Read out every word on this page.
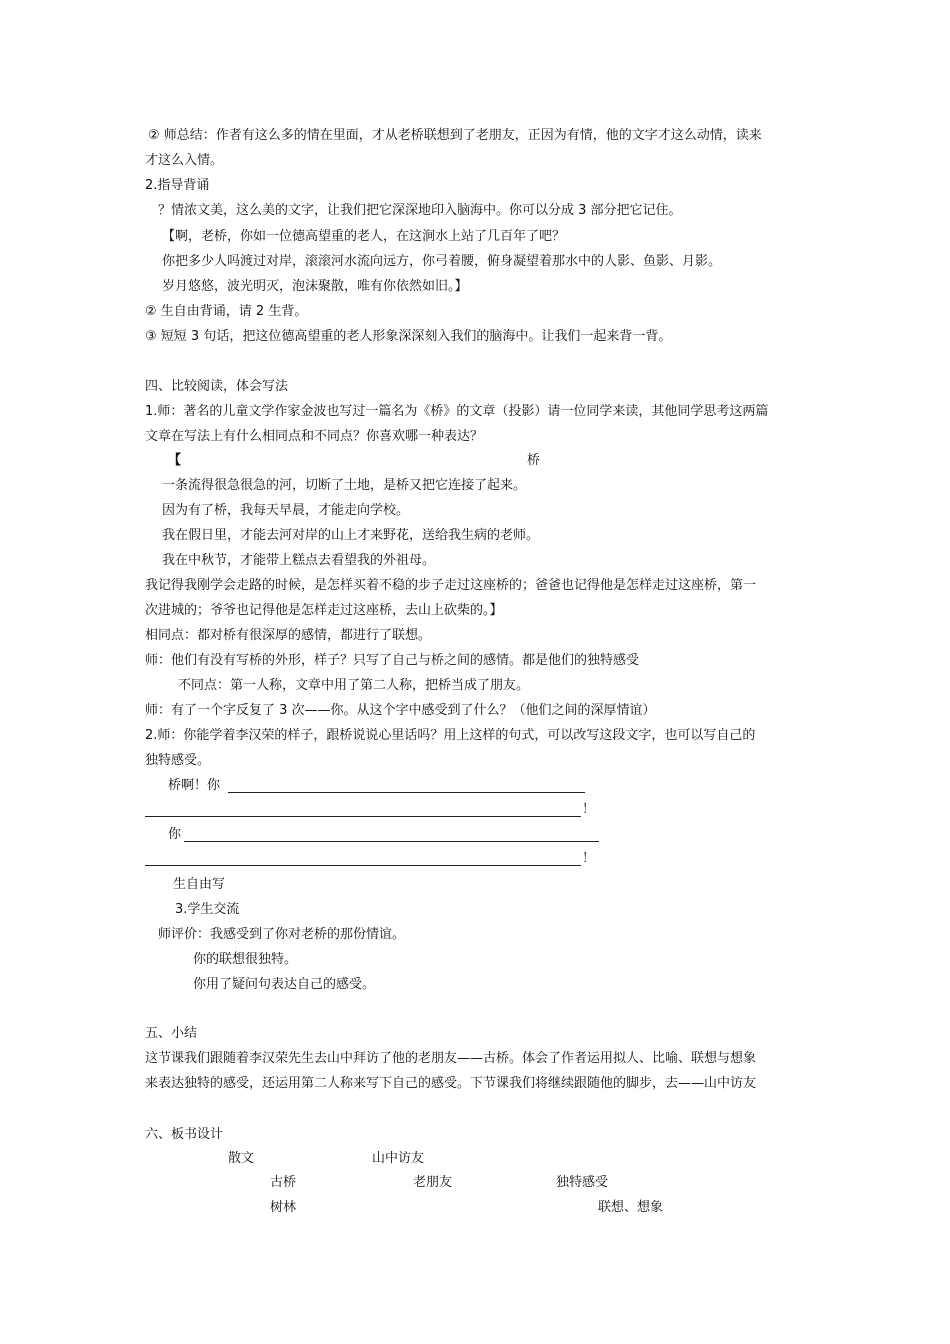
② 师总结：作者有这么多的情在里面，才从老桥联想到了老朋友，正因为有情，他的文字才这么动情，读来

才这么入情。

2.指导背诵

？情浓文美，这么美的文字，让我们把它深深地印入脑海中。你可以分成 3 部分把它记住。

【啊，老桥，你如一位德高望重的老人，在这涧水上站了几百年了吧？

你把多少人吗渡过对岸，滚滚河水流向远方，你弓着腰，俯身凝望着那水中的人影、鱼影、月影。

岁月悠悠，波光明灭，泡沫聚散，唯有你依然如旧。】

② 生自由背诵，请 2 生背。

③ 短短 3 句话，把这位德高望重的老人形象深深刻入我们的脑海中。让我们一起来背一背。

四、比较阅读，体会写法

1.师：著名的儿童文学作家金波也写过一篇名为《桥》的文章（投影）请一位同学来读，其他同学思考这两篇

文章在写法上有什么相同点和不同点？你喜欢哪一种表达？

【	桥

一条流得很急很急的河，切断了土地，是桥又把它连接了起来。

因为有了桥，我每天早晨，才能走向学校。

我在假日里，才能去河对岸的山上才来野花，送给我生病的老师。

我在中秋节，才能带上糕点去看望我的外祖母。

我记得我刚学会走路的时候，是怎样买着不稳的步子走过这座桥的；爸爸也记得他是怎样走过这座桥，第一

次进城的；爷爷也记得他是怎样走过这座桥，去山上砍柴的。】

相同点：都对桥有很深厚的感情，都进行了联想。

师：他们有没有写桥的外形，样子？只写了自己与桥之间的感情。都是他们的独特感受

不同点：第一人称，文章中用了第二人称，把桥当成了朋友。

师：有了一个字反复了 3 次——你。从这个字中感受到了什么？（他们之间的深厚情谊）

2.师：你能学着李汉荣的样子，跟桥说说心里话吗？用上这样的句式，可以改写这段文字，也可以写自己的

独特感受。

桥啊！你

！

你

！

生自由写

3.学生交流

师评价：我感受到了你对老桥的那份情谊。

你的联想很独特。

你用了疑问句表达自己的感受。

五、小结

这节课我们跟随着李汉荣先生去山中拜访了他的老朋友——古桥。体会了作者运用拟人、比喻、联想与想象

来表达独特的感受，还运用第二人称来写下自己的感受。下节课我们将继续跟随他的脚步，去——山中访友

六、板书设计

散文	山中访友

古桥	老朋友	独特感受

树林	联想、想象
